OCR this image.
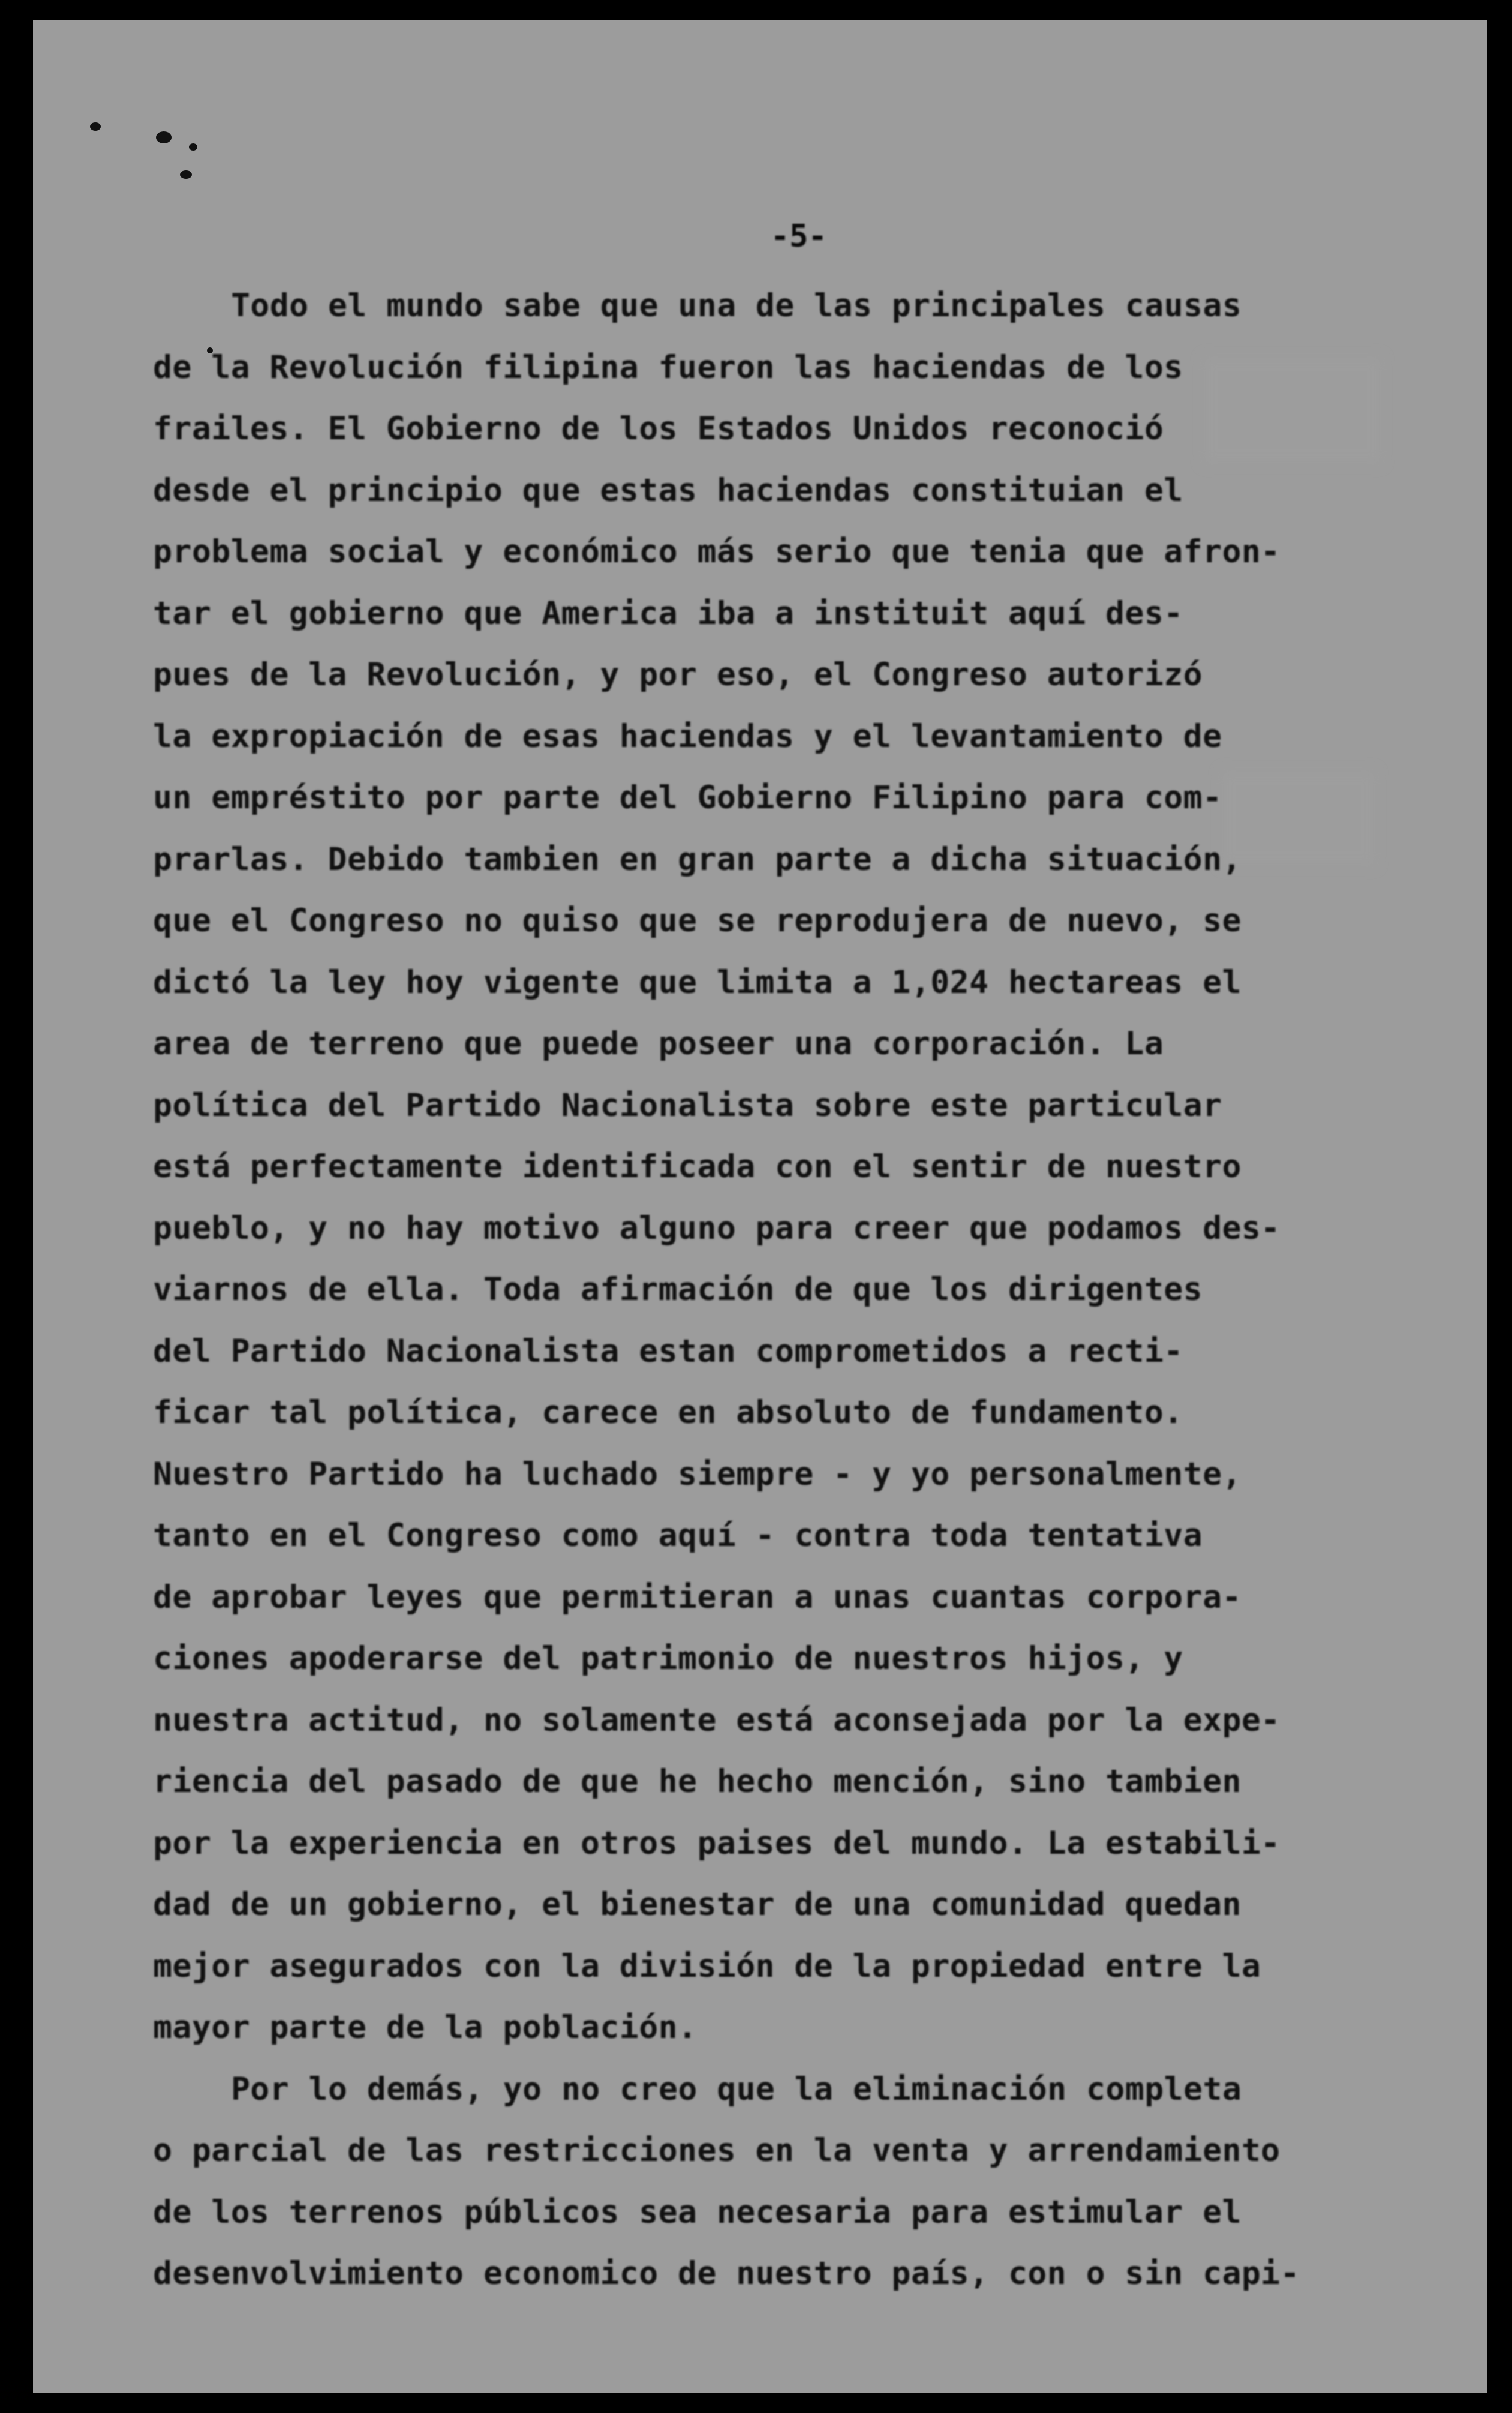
-5-
Todo el mundo sabe que una de las principales causas
de la Revolución filipina fueron las haciendas de los
frailes. El Gobierno de los Estados Unidos reconoció
desde el principio que estas haciendas constituian el
problema social y económico más serio que tenia que afron-
tar el gobierno que America iba a instituit aquí des-
pues de la Revolución, y por eso, el Congreso autorizó
la expropiación de esas haciendas y el levantamiento de
un empréstito por parte del Gobierno Filipino para com-
prarlas. Debido tambien en gran parte a dicha situación,
que el Congreso no quiso que se reprodujera de nuevo, se
dictó la ley hoy vigente que limita a 1,024 hectareas el
area de terreno que puede poseer una corporación. La
política del Partido Nacionalista sobre este particular
está perfectamente identificada con el sentir de nuestro
pueblo, y no hay motivo alguno para creer que podamos des-
viarnos de ella. Toda afirmación de que los dirigentes
del Partido Nacionalista estan comprometidos a recti-
ficar tal política, carece en absoluto de fundamento.
Nuestro Partido ha luchado siempre - y yo personalmente,
tanto en el Congreso como aquí - contra toda tentativa
de aprobar leyes que permitieran a unas cuantas corpora-
ciones apoderarse del patrimonio de nuestros hijos, y
nuestra actitud, no solamente está aconsejada por la expe-
riencia del pasado de que he hecho mención, sino tambien
por la experiencia en otros paises del mundo. La estabili-
dad de un gobierno, el bienestar de una comunidad quedan
mejor asegurados con la división de la propiedad entre la
mayor parte de la población.
Por lo demás, yo no creo que la eliminación completa
o parcial de las restricciones en la venta y arrendamiento
de los terrenos públicos sea necesaria para estimular el
desenvolvimiento economico de nuestro país, con o sin capi-
